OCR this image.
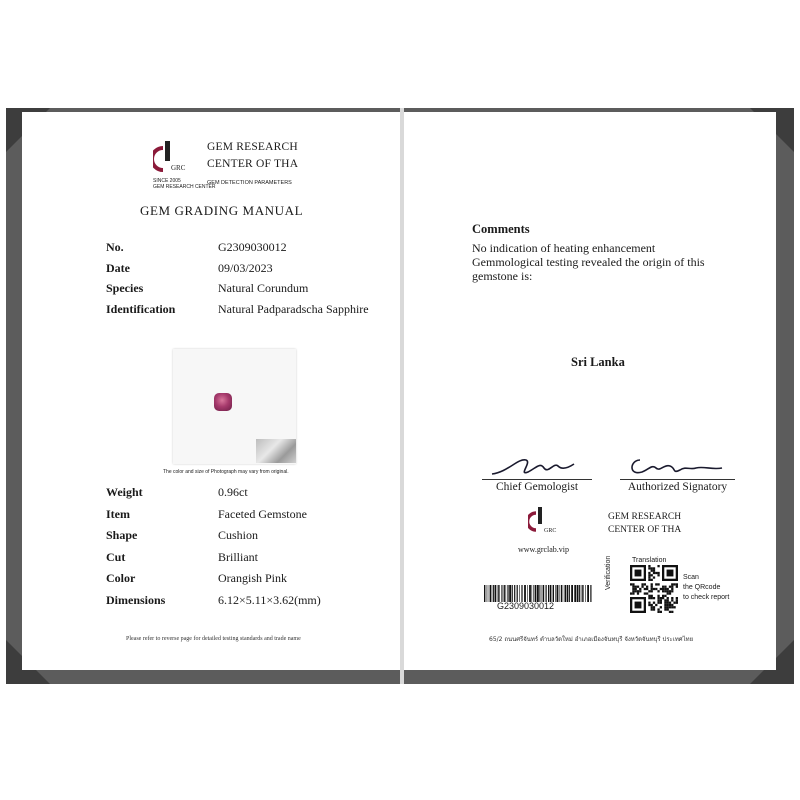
GRC
SINCE 2005
GEM RESEARCH CENTER
GEM RESEARCH
CENTER OF THA
GEM DETECTION PARAMETERS
GEM GRADING MANUAL
No.	G2309030012
Date	09/03/2023
Species	Natural Corundum
Identification	Natural Padparadscha Sapphire
The color and size of Photograph may vary from original.
Weight	0.96ct
Item	Faceted Gemstone
Shape	Cushion
Cut	Brilliant
Color	Orangish Pink
Dimensions	6.12×5.11×3.62(mm)
Please refer to reverse page for detailed testing standards and trade name
Comments
No indication of heating enhancement
Gemmological testing revealed the origin of this
gemstone is:
Sri Lanka
Chief Gemologist	Authorized Signatory
GRC
www.grclab.vip
GEM RESEARCH
CENTER OF THA
G2309030012
Translation
Verification	Scan
the QRcode
to check report
65/2 ถนนศรีจันทร์ ตำบลวัดใหม่ อำเภอเมืองจันทบุรี จังหวัดจันทบุรี ประเทศไทย
